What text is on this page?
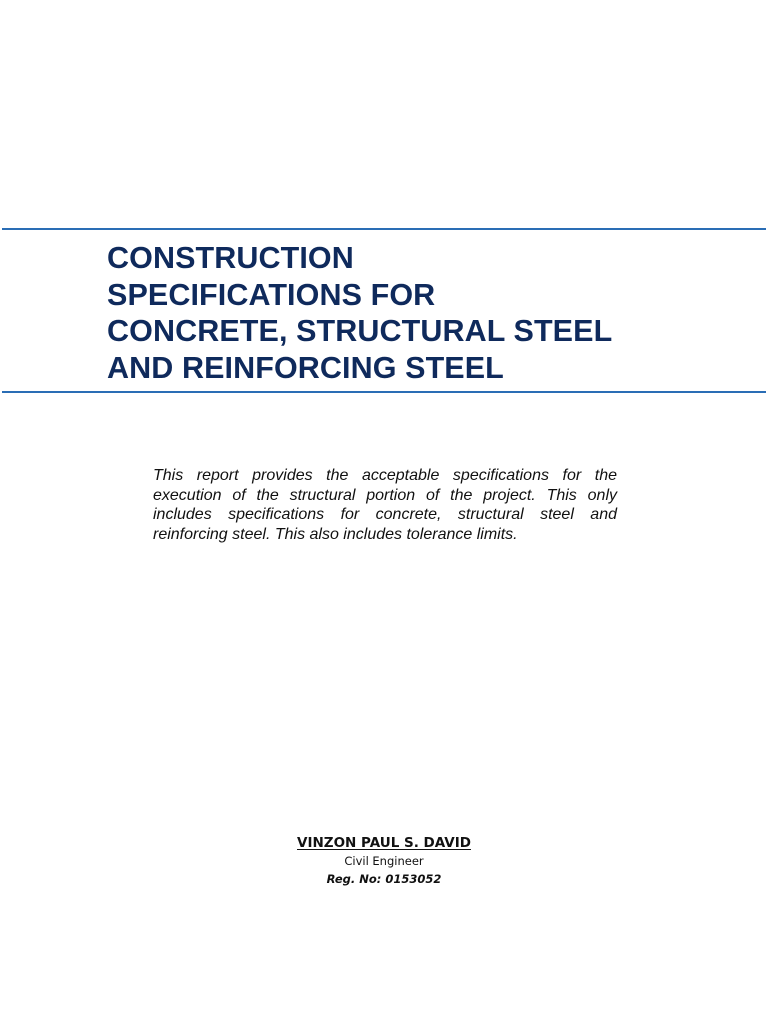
CONSTRUCTION
SPECIFICATIONS FOR
CONCRETE, STRUCTURAL STEEL
AND REINFORCING STEEL

This report provides the acceptable specifications for the execution of the structural portion of the project. This only includes specifications for concrete, structural steel and reinforcing steel. This also includes tolerance limits.

VINZON PAUL S. DAVID
Civil Engineer
Reg. No: 0153052
